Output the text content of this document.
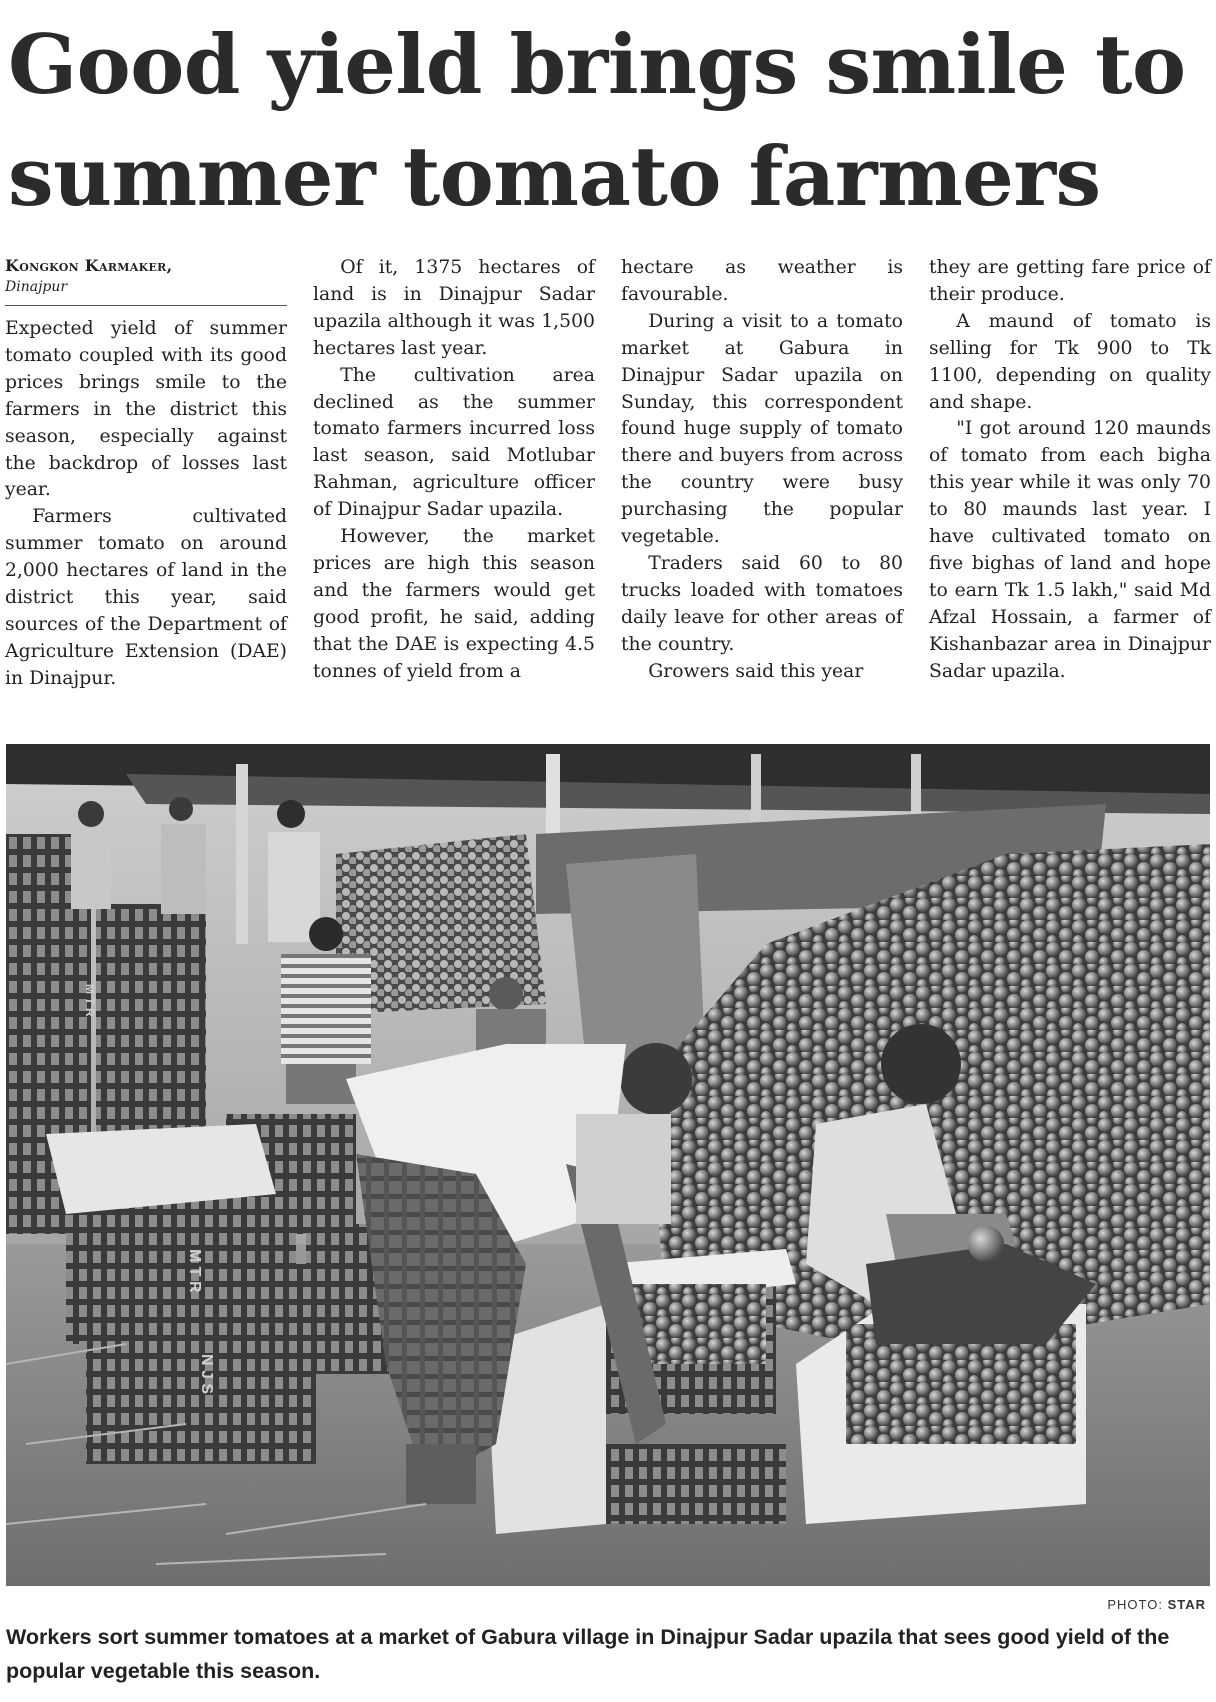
Good yield brings smile to summer tomato farmers
Kongkon Karmaker,
Dinajpur

Expected yield of summer tomato coupled with its good prices brings smile to the farmers in the district this season, especially against the backdrop of losses last year.

Farmers cultivated summer tomato on around 2,000 hectares of land in the district this year, said sources of the Department of Agriculture Extension (DAE) in Dinajpur.

Of it, 1375 hectares of land is in Dinajpur Sadar upazila although it was 1,500 hectares last year.

The cultivation area declined as the summer tomato farmers incurred loss last season, said Motlubar Rahman, agriculture officer of Dinajpur Sadar upazila.

However, the market prices are high this season and the farmers would get good profit, he said, adding that the DAE is expecting 4.5 tonnes of yield from a

hectare as weather is favourable.

During a visit to a tomato market at Gabura in Dinajpur Sadar upazila on Sunday, this correspondent found huge supply of tomato there and buyers from across the country were busy purchasing the popular vegetable.

Traders said 60 to 80 trucks loaded with tomatoes daily leave for other areas of the country.

Growers said this year

they are getting fare price of their produce.

A maund of tomato is selling for Tk 900 to Tk 1100, depending on quality and shape.

"I got around 120 maunds of tomato from each bigha this year while it was only 70 to 80 maunds last year. I have cultivated tomato on five bighas of land and hope to earn Tk 1.5 lakh," said Md Afzal Hossain, a farmer of Kishanbazar area in Dinajpur Sadar upazila.

M T R
M T R
N J S

PHOTO: STAR

Workers sort summer tomatoes at a market of Gabura village in Dinajpur Sadar upazila that sees good yield of the popular vegetable this season.
